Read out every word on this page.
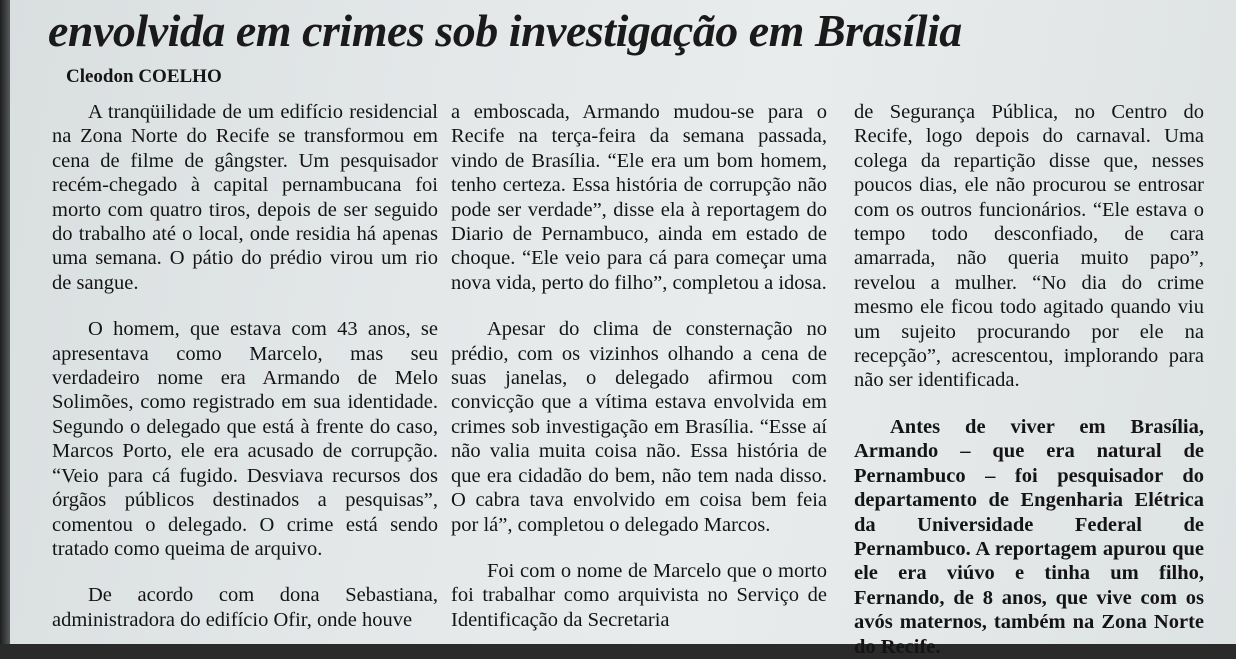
envolvida em crimes sob investigação em Brasília

Cleodon COELHO

A tranqüilidade de um edifício residencial na Zona Norte do Recife se transformou em cena de filme de gângster. Um pesquisador recém-chegado à capital pernambucana foi morto com quatro tiros, depois de ser seguido do trabalho até o local, onde residia há apenas uma semana. O pátio do prédio virou um rio de sangue.

O homem, que estava com 43 anos, se apresentava como Marcelo, mas seu verdadeiro nome era Armando de Melo Solimões, como registrado em sua identidade. Segundo o delegado que está à frente do caso, Marcos Porto, ele era acusado de corrupção. “Veio para cá fugido. Desviava recursos dos órgãos públicos destinados a pesquisas”, comentou o delegado. O crime está sendo tratado como queima de arquivo.

De acordo com dona Sebastiana, administradora do edifício Ofir, onde houve

a emboscada, Armando mudou-se para o Recife na terça-feira da semana passada, vindo de Brasília. “Ele era um bom homem, tenho certeza. Essa história de corrupção não pode ser verdade”, disse ela à reportagem do Diario de Pernambuco, ainda em estado de choque. “Ele veio para cá para começar uma nova vida, perto do filho”, completou a idosa.

Apesar do clima de consternação no prédio, com os vizinhos olhando a cena de suas janelas, o delegado afirmou com convicção que a vítima estava envolvida em crimes sob investigação em Brasília. “Esse aí não valia muita coisa não. Essa história de que era cidadão do bem, não tem nada disso. O cabra tava envolvido em coisa bem feia por lá”, completou o delegado Marcos.

Foi com o nome de Marcelo que o morto foi trabalhar como arquivista no Serviço de Identificação da Secretaria

de Segurança Pública, no Centro do Recife, logo depois do carnaval. Uma colega da repartição disse que, nesses poucos dias, ele não procurou se entrosar com os outros funcionários. “Ele estava o tempo todo desconfiado, de cara amarrada, não queria muito papo”, revelou a mulher. “No dia do crime mesmo ele ficou todo agitado quando viu um sujeito procurando por ele na recepção”, acrescentou, implorando para não ser identificada.

Antes de viver em Brasília, Armando – que era natural de Pernambuco – foi pesquisador do departamento de Engenharia Elétrica da Universidade Federal de Pernambuco. A reportagem apurou que ele era viúvo e tinha um filho, Fernando, de 8 anos, que vive com os avós maternos, também na Zona Norte do Recife.
